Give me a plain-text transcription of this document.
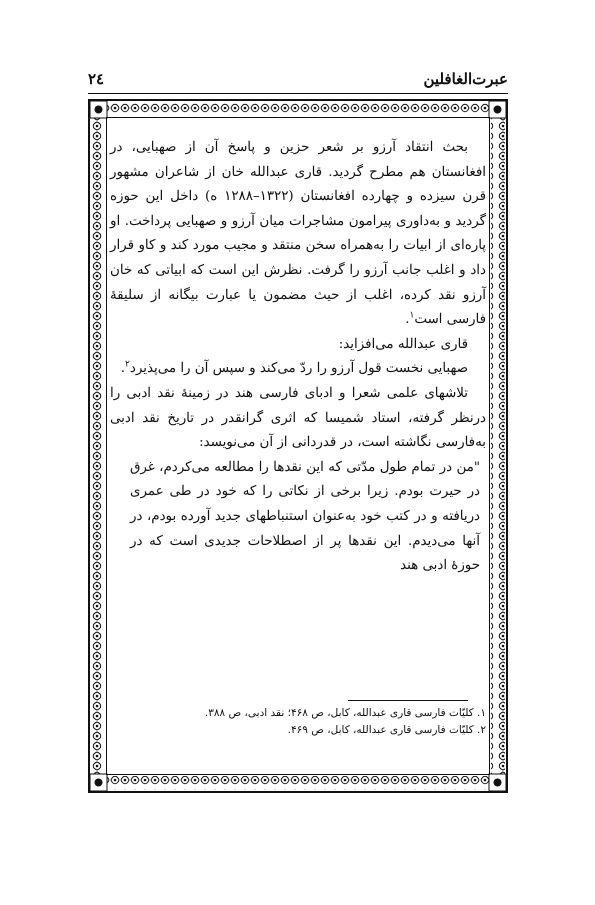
عبرت‌الغافلین
٢٤

بحث انتقاد آرزو بر شعر حزین و پاسخ آن از صهبایی، در افغانستان هم مطرح گردید. قاری عبدالله خان از شاعران مشهور قرن سیزده و چهارده افغانستان (۱۳۲۲–۱۲۸۸ ه) داخل این حوزه گردید و به‌داوری پیرامون مشاجرات میان آرزو و صهبایی پرداخت. او پاره‌ای از ابیات را به‌همراه سخن منتقد و مجیب مورد کند و کاو قرار داد و اغلب جانب آرزو را گرفت. نظرش این است که ابیاتی که خان آرزو نقد کرده، اغلب از حیث مضمون یا عبارت بیگانه از سلیقهٔ فارسی است$^۱$.

قاری عبدالله می‌افزاید:

صهبایی نخست قول آرزو را ردّ می‌کند و سپس آن را می‌پذیرد$^۲$.

تلاشهای علمی شعرا و ادبای فارسی هند در زمینهٔ نقد ادبی را درنظر گرفته، استاد شمیسا که اثری گرانقدر در تاریخ نقد ادبی به‌فارسی نگاشته است، در قدردانی از آن می‌نویسد:

"من در تمام طول مدّتی که این نقدها را مطالعه می‌کردم، غرق در حیرت بودم. زیرا برخی از نکاتی را که خود در طی عمری دریافته و در کتب خود به‌عنوان استنباطهای جدید آورده بودم، در آنها می‌دیدم. این نقدها پر از اصطلاحات جدیدی است که در حوزهٔ ادبی هند

۱. کلیّات فارسی قاری عبدالله، کابل، ص ۴۶۸؛ نقد ادبی، ص ۳۸۸.
۲. کلیّات فارسی قاری عبدالله، کابل، ص ۴۶۹.
